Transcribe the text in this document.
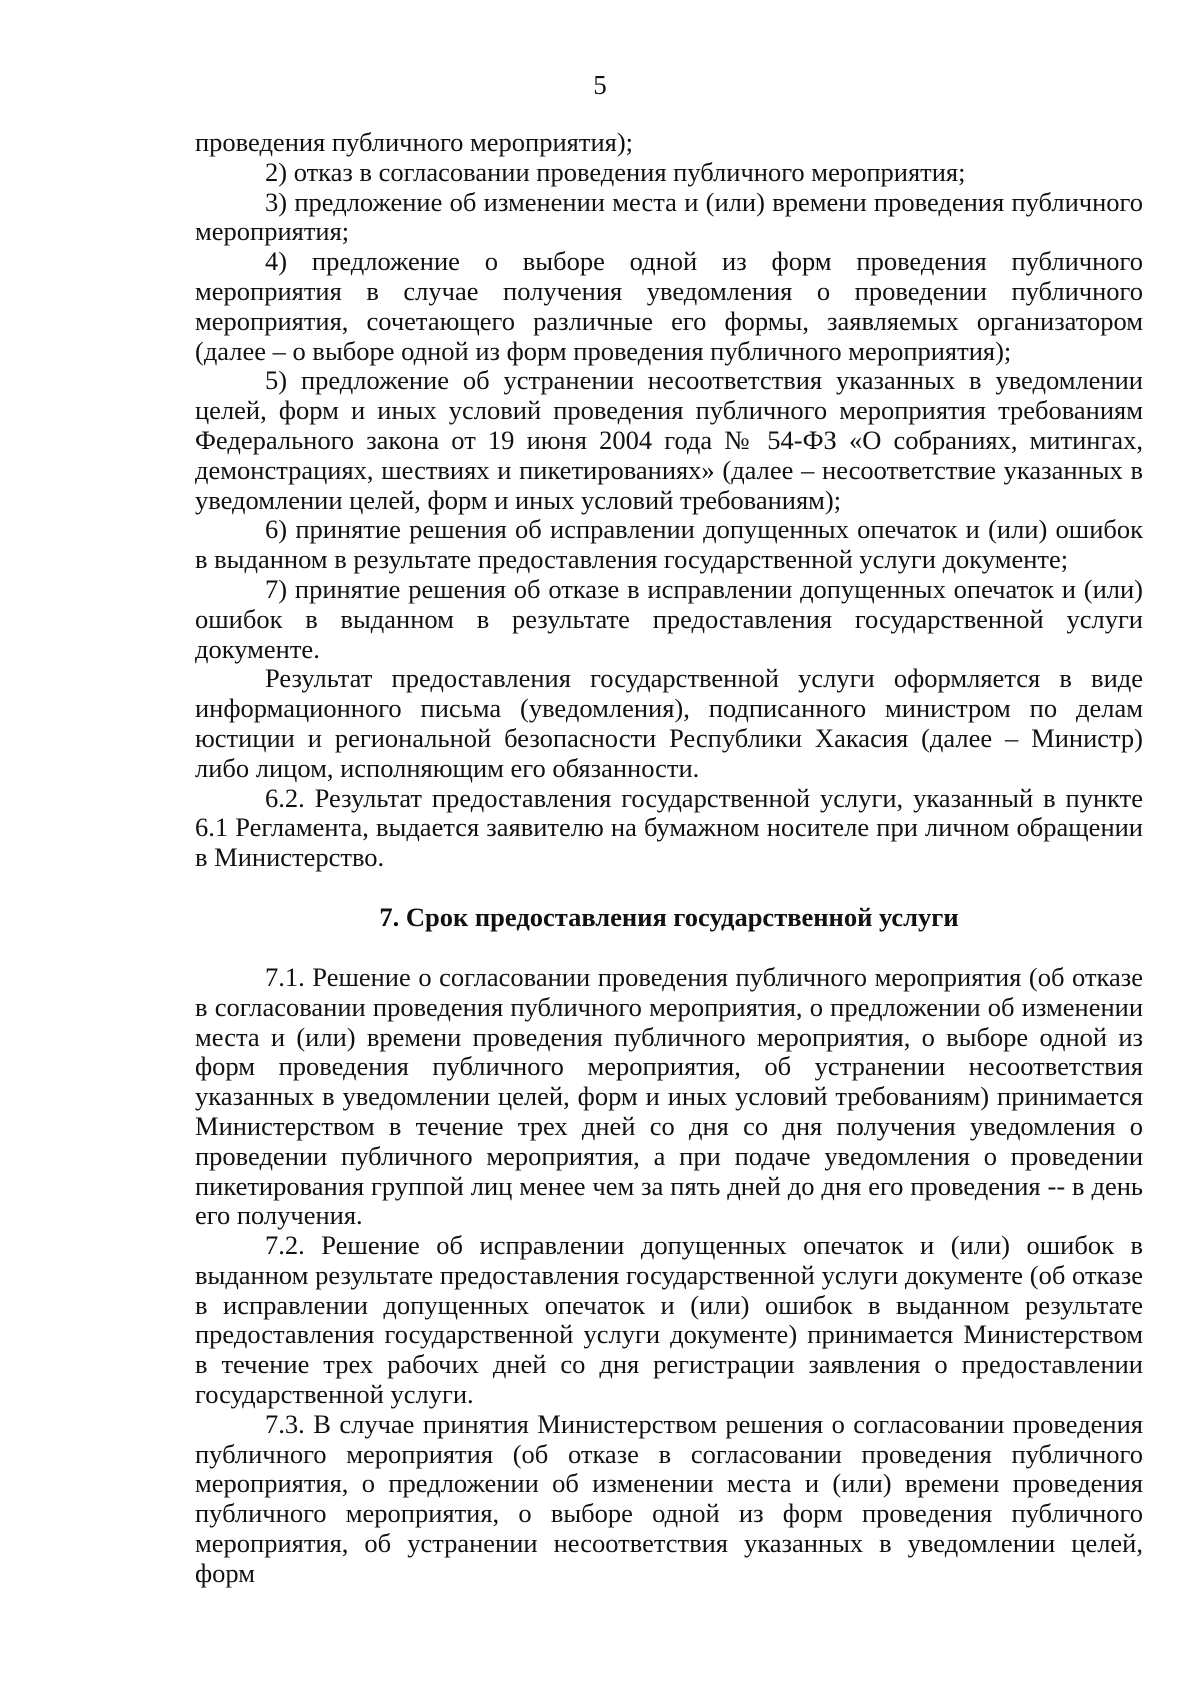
5

проведения публичного мероприятия);

2) отказ в согласовании проведения публичного мероприятия;

3) предложение об изменении места и (или) времени проведения публичного мероприятия;

4) предложение о выборе одной из форм проведения публичного мероприятия в случае получения уведомления о проведении публичного мероприятия, сочетающего различные его формы, заявляемых организатором (далее – о выборе одной из форм проведения публичного мероприятия);

5) предложение об устранении несоответствия указанных в уведомлении целей, форм и иных условий проведения публичного мероприятия требованиям Федерального закона от 19 июня 2004 года № 54-ФЗ «О собраниях, митингах, демонстрациях, шествиях и пикетированиях» (далее – несоответствие указанных в уведомлении целей, форм и иных условий требованиям);

6) принятие решения об исправлении допущенных опечаток и (или) ошибок в выданном в результате предоставления государственной услуги документе;

7) принятие решения об отказе в исправлении допущенных опечаток и (или) ошибок в выданном в результате предоставления государственной услуги документе.

Результат предоставления государственной услуги оформляется в виде информационного письма (уведомления), подписанного министром по делам юстиции и региональной безопасности Республики Хакасия (далее – Министр) либо лицом, исполняющим его обязанности.

6.2. Результат предоставления государственной услуги, указанный в пункте 6.1 Регламента, выдается заявителю на бумажном носителе при личном обращении в Министерство.

7. Срок предоставления государственной услуги

7.1. Решение о согласовании проведения публичного мероприятия (об отказе в согласовании проведения публичного мероприятия, о предложении об изменении места и (или) времени проведения публичного мероприятия, о выборе одной из форм проведения публичного мероприятия, об устранении несоответствия указанных в уведомлении целей, форм и иных условий требованиям) принимается Министерством в течение трех дней со дня со дня получения уведомления о проведении публичного мероприятия, а при подаче уведомления о проведении пикетирования группой лиц менее чем за пять дней до дня его проведения -- в день его получения.

7.2. Решение об исправлении допущенных опечаток и (или) ошибок в выданном результате предоставления государственной услуги документе (об отказе в исправлении допущенных опечаток и (или) ошибок в выданном результате предоставления государственной услуги документе) принимается Министерством в течение трех рабочих дней со дня регистрации заявления о предоставлении государственной услуги.

7.3. В случае принятия Министерством решения о согласовании проведения публичного мероприятия (об отказе в согласовании проведения публичного мероприятия, о предложении об изменении места и (или) времени проведения публичного мероприятия, о выборе одной из форм проведения публичного мероприятия, об устранении несоответствия указанных в уведомлении целей, форм
